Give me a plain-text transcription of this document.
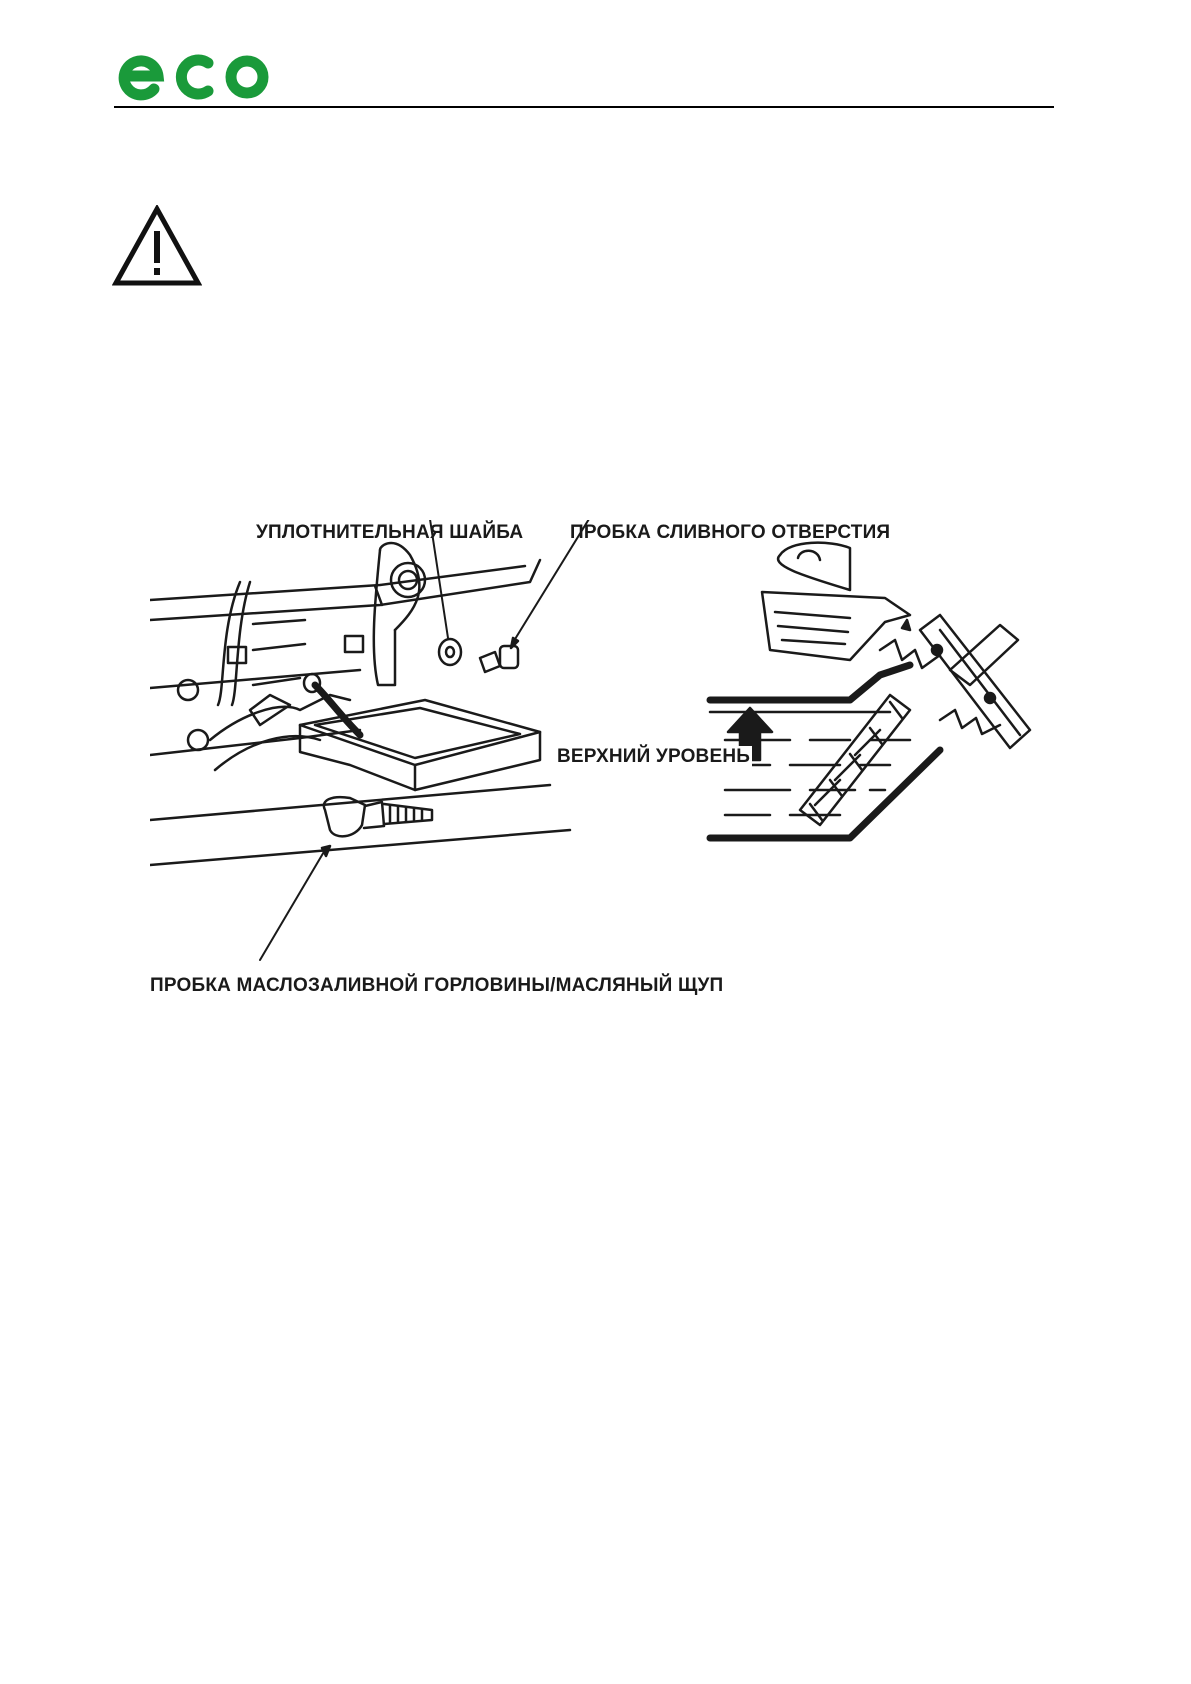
УПЛОТНИТЕЛЬНАЯ ШАЙБА ПРОБКА СЛИВНОГО ОТВЕРСТИЯ
ВЕРХНИЙ УРОВЕНЬ
ПРОБКА МАСЛОЗАЛИВНОЙ ГОРЛОВИНЫ/МАСЛЯНЫЙ ЩУП
